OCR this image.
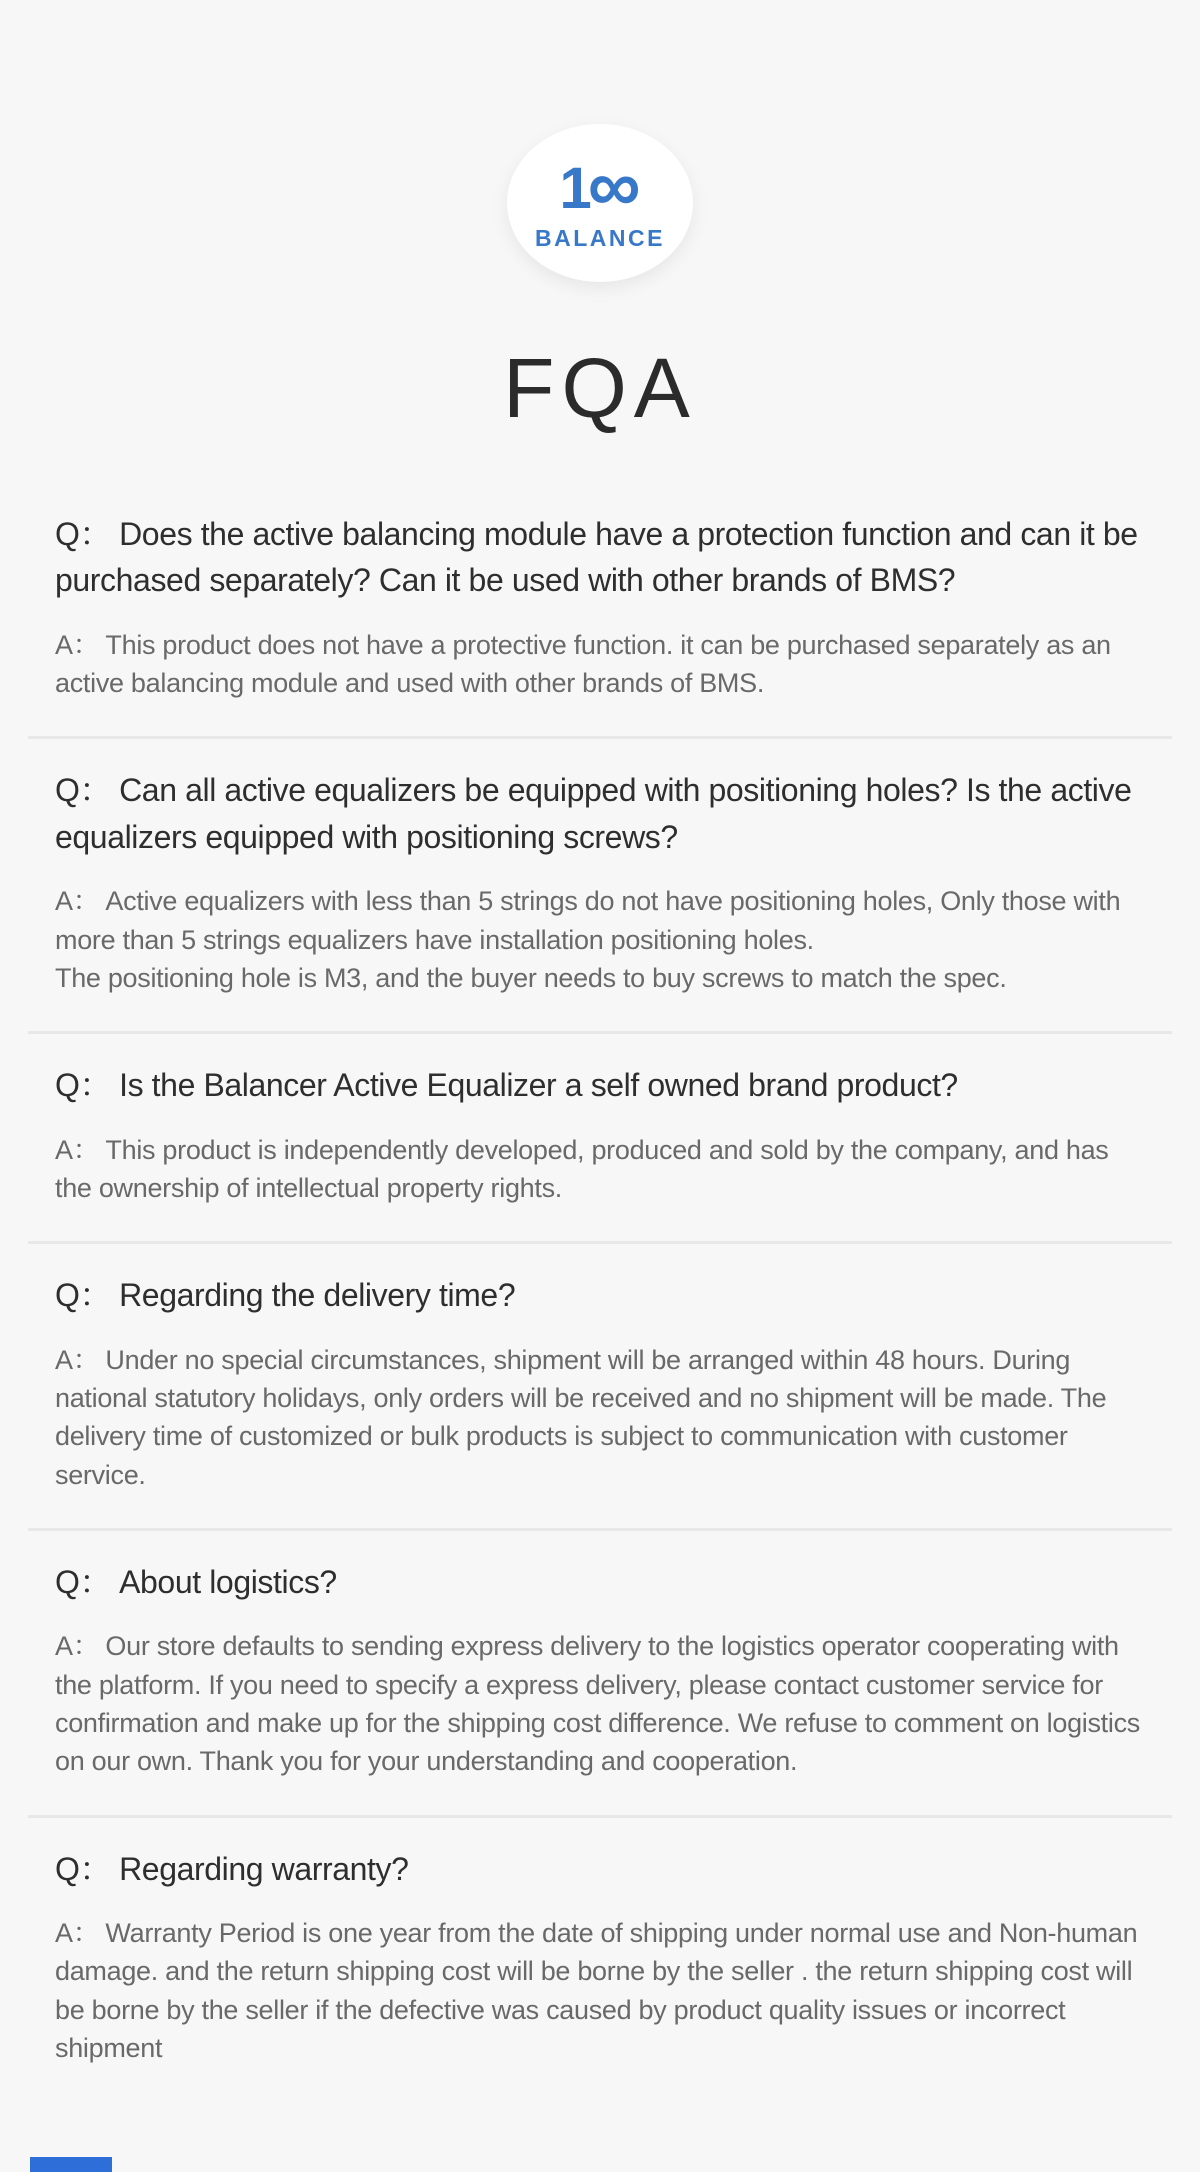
1
∞
BALANCE
FQA
Q： Does the active balancing module have a protection function and can it be purchased separately? Can it be used with other brands of BMS?

A： This product does not have a protective function. it can be purchased separately as an active balancing module and used with other brands of BMS.

Q： Can all active equalizers be equipped with positioning holes? Is the active equalizers equipped with positioning screws?

A： Active equalizers with less than 5 strings do not have positioning holes, Only those with more than 5 strings equalizers have installation positioning holes.
The positioning hole is M3, and the buyer needs to buy screws to match the spec.

Q： Is the Balancer Active Equalizer a self owned brand product?

A： This product is independently developed, produced and sold by the company, and has the ownership of intellectual property rights.

Q： Regarding the delivery time?

A： Under no special circumstances, shipment will be arranged within 48 hours. During national statutory holidays, only orders will be received and no shipment will be made. The delivery time of customized or bulk products is subject to communication with customer service.

Q： About logistics?

A： Our store defaults to sending express delivery to the logistics operator cooperating with the platform. If you need to specify a express delivery, please contact customer service for confirmation and make up for the shipping cost difference. We refuse to comment on logistics on our own. Thank you for your understanding and cooperation.

Q： Regarding warranty?

A： Warranty Period is one year from the date of shipping under normal use and Non-human damage. and the return shipping cost will be borne by the seller . the return shipping cost will be borne by the seller if the defective was caused by product quality issues or incorrect shipment
